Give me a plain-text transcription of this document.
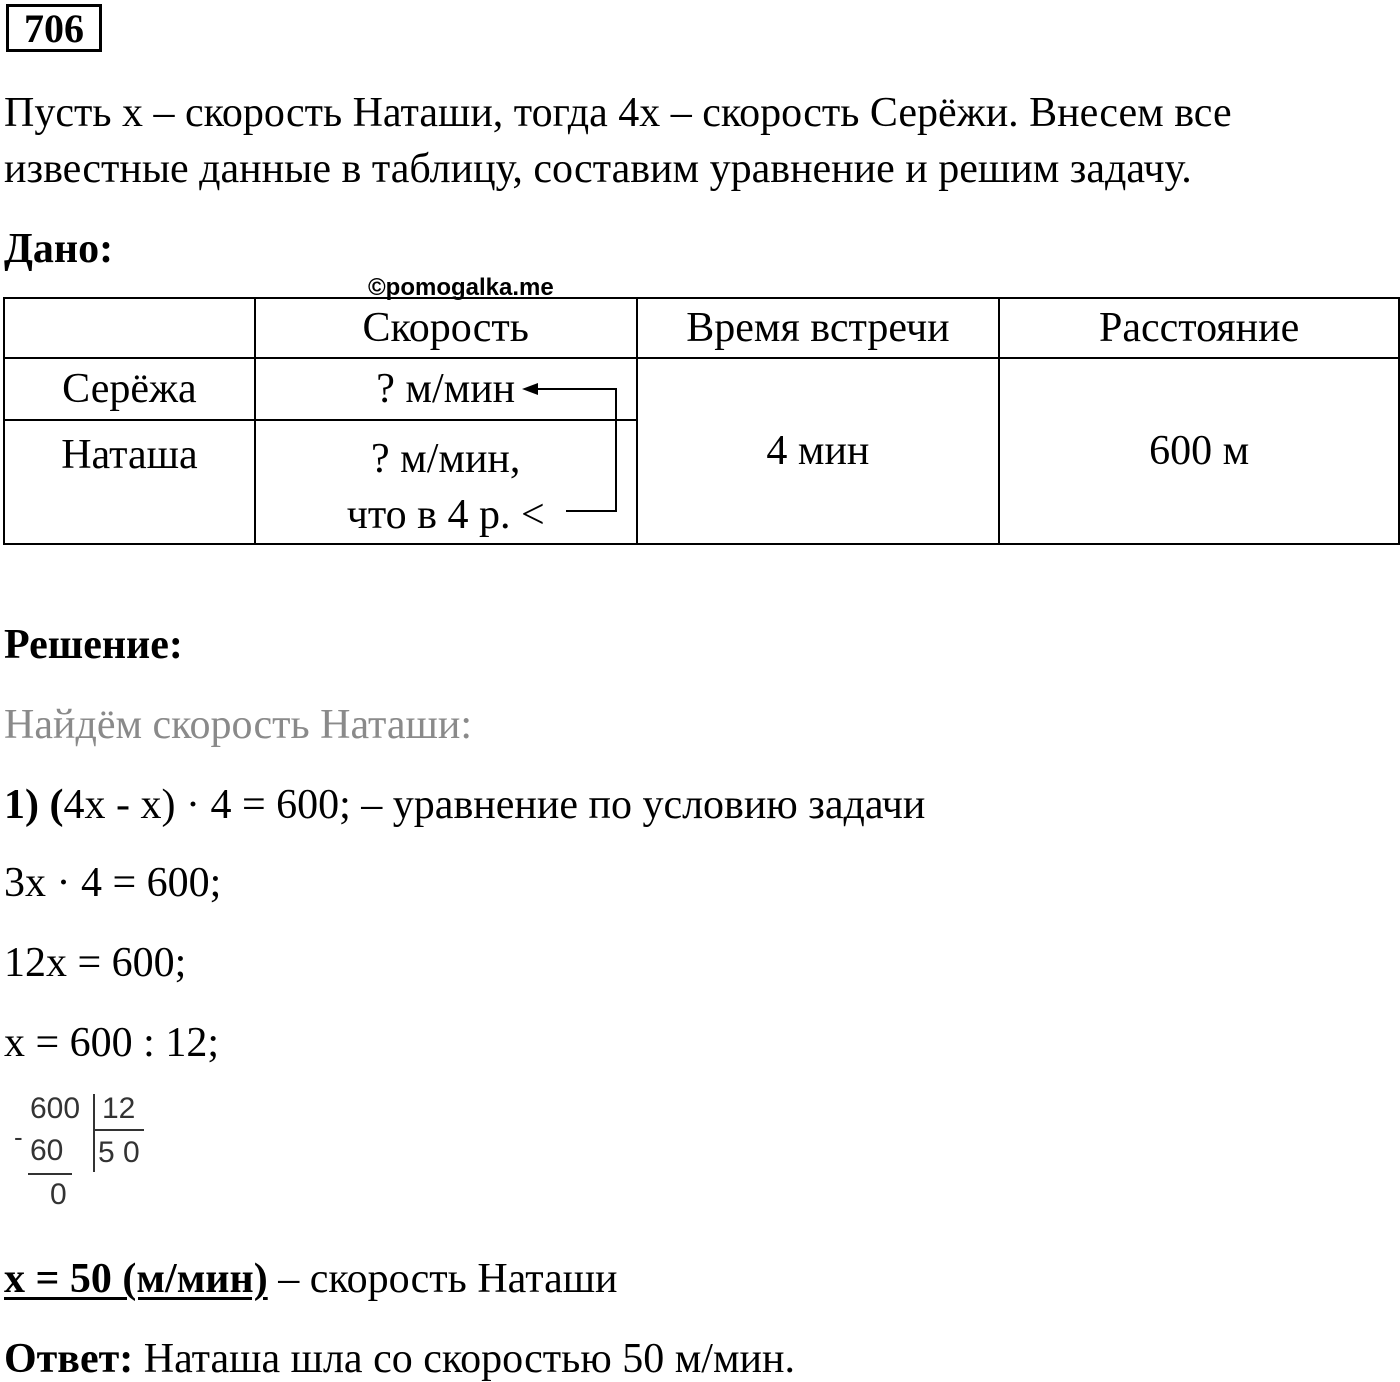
706
Пусть x – скорость Наташи, тогда 4x – скорость Серёжи. Внесем все
известные данные в таблицу, составим уравнение и решим задачу.
Дано:
	Скорость	Время встречи	Расстояние
Серёжа	? м/мин	4 мин	600 м
Наташа	? м/мин,
что в 4 р. <		
©pomogalka.me
Решение:
Найдём скорость Наташи:
1) (4x - x) · 4 = 600; – уравнение по условию задачи
3x · 4 = 600;
12x = 600;
x = 600 : 12;
-
600 12
5 0
60
0
x = 50 (м/мин) – скорость Наташи
Ответ: Наташа шла со скоростью 50 м/мин.
